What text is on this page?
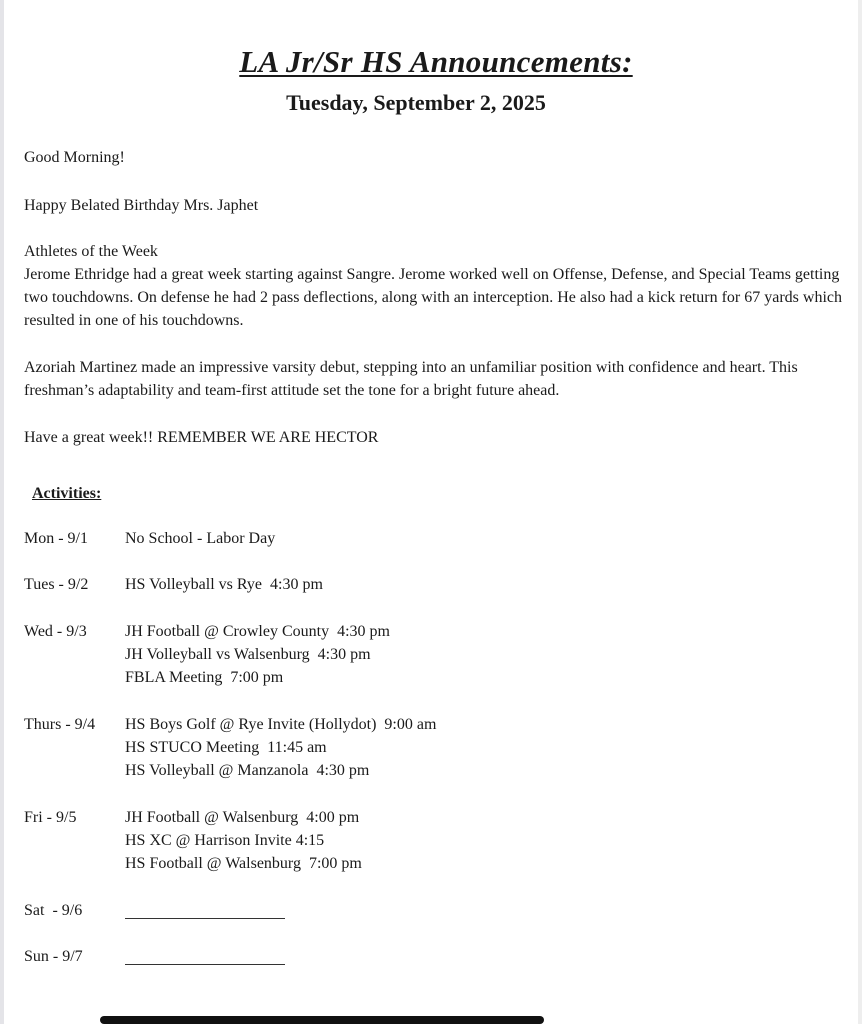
LA Jr/Sr HS Announcements:
Tuesday, September 2, 2025

Good Morning!

Happy Belated Birthday Mrs. Japhet

Athletes of the Week

Jerome Ethridge had a great week starting against Sangre. Jerome worked well on Offense, Defense, and Special Teams getting two touchdowns. On defense he had 2 pass deflections, along with an interception. He also had a kick return for 67 yards which resulted in one of his touchdowns.

Azoriah Martinez made an impressive varsity debut, stepping into an unfamiliar position with confidence and heart. This freshman’s adaptability and team-first attitude set the tone for a bright future ahead.

Have a great week!! REMEMBER WE ARE HECTOR

Activities:

Mon - 9/1 No School - Labor Day
Tues - 9/2 HS Volleyball vs Rye  4:30 pm
Wed - 9/3 JH Football @ Crowley County  4:30 pm
JH Volleyball vs Walsenburg  4:30 pm
FBLA Meeting  7:00 pm
Thurs - 9/4 HS Boys Golf @ Rye Invite (Hollydot)  9:00 am
HS STUCO Meeting  11:45 am
HS Volleyball @ Manzanola  4:30 pm
Fri - 9/5	JH Football @ Walsenburg  4:00 pm
HS XC @ Harrison Invite 4:15
HS Football @ Walsenburg  7:00 pm
Sat  - 9/6
Sun - 9/7
